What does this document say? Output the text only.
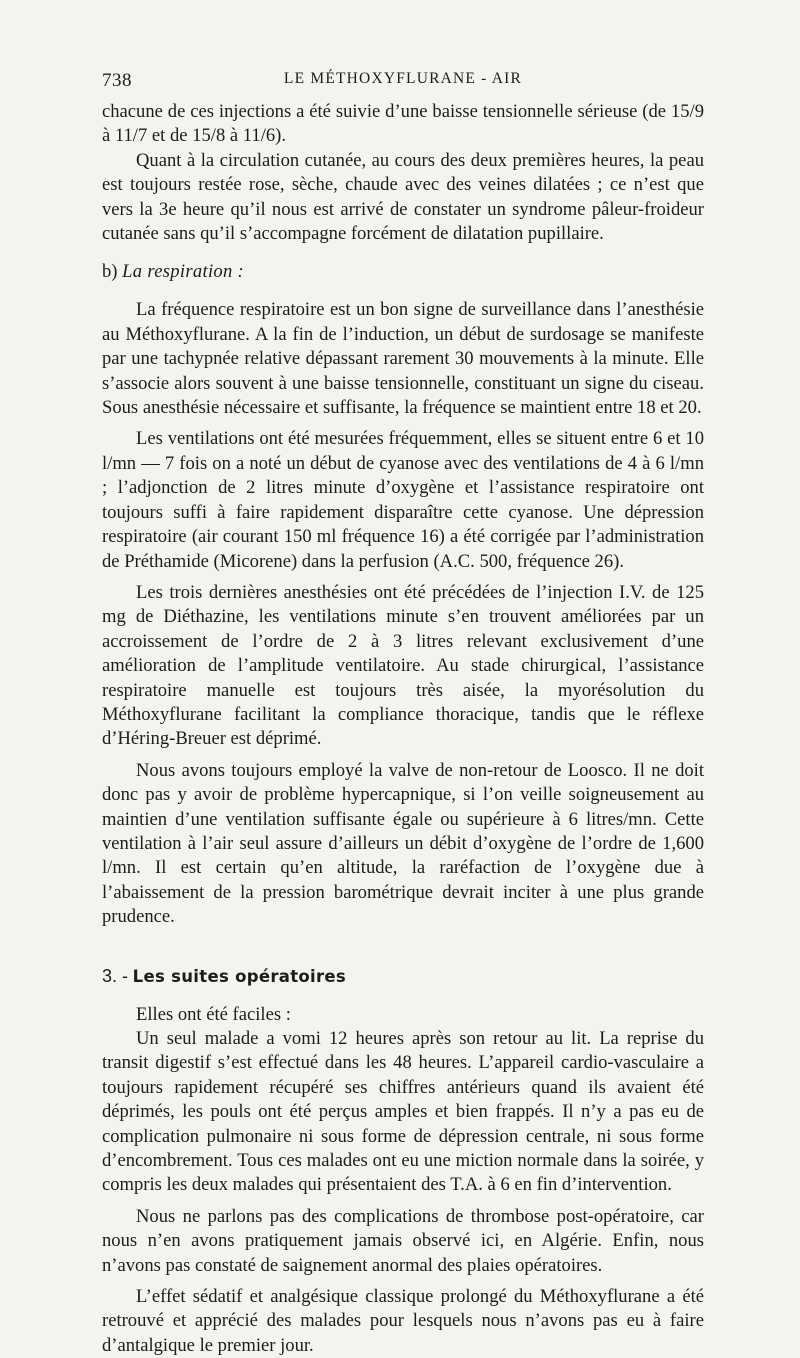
738	LE MÉTHOXYFLURANE - AIR

chacune de ces injections a été suivie d’une baisse tensionnelle sérieuse (de 15/9 à 11/7 et de 15/8 à 11/6).

Quant à la circulation cutanée, au cours des deux premières heures, la peau est toujours restée rose, sèche, chaude avec des veines dilatées ; ce n’est que vers la 3e heure qu’il nous est arrivé de constater un syndrome pâleur-froideur cutanée sans qu’il s’accompagne forcément de dilatation pupillaire.

b) La respiration :

La fréquence respiratoire est un bon signe de surveillance dans l’anesthésie au Méthoxyflurane. A la fin de l’induction, un début de surdosage se manifeste par une tachypnée relative dépassant rarement 30 mouvements à la minute. Elle s’associe alors souvent à une baisse tensionnelle, constituant un signe du ciseau. Sous anesthésie nécessaire et suffisante, la fréquence se maintient entre 18 et 20.

Les ventilations ont été mesurées fréquemment, elles se situent entre 6 et 10 l/mn — 7 fois on a noté un début de cyanose avec des ventilations de 4 à 6 l/mn ; l’adjonction de 2 litres minute d’oxygène et l’assistance respiratoire ont toujours suffi à faire rapidement disparaître cette cyanose. Une dépression respiratoire (air courant 150 ml fréquence 16) a été corrigée par l’administration de Préthamide (Micorene) dans la perfusion (A.C. 500, fréquence 26).

Les trois dernières anesthésies ont été précédées de l’injection I.V. de 125 mg de Diéthazine, les ventilations minute s’en trouvent améliorées par un accroissement de l’ordre de 2 à 3 litres relevant exclusivement d’une amélioration de l’amplitude ventilatoire. Au stade chirurgical, l’assistance respiratoire manuelle est toujours très aisée, la myorésolution du Méthoxyflurane facilitant la compliance thoracique, tandis que le réflexe d’Héring-Breuer est déprimé.

Nous avons toujours employé la valve de non-retour de Loosco. Il ne doit donc pas y avoir de problème hypercapnique, si l’on veille soigneusement au maintien d’une ventilation suffisante égale ou supérieure à 6 litres/mn. Cette ventilation à l’air seul assure d’ailleurs un débit d’oxygène de l’ordre de 1,600 l/mn. Il est certain qu’en altitude, la raréfaction de l’oxygène due à l’abaissement de la pression barométrique devrait inciter à une plus grande prudence.

3. - Les suites opératoires

Elles ont été faciles :

Un seul malade a vomi 12 heures après son retour au lit. La reprise du transit digestif s’est effectué dans les 48 heures. L’appareil cardio-vasculaire a toujours rapidement récupéré ses chiffres antérieurs quand ils avaient été déprimés, les pouls ont été perçus amples et bien frappés. Il n’y a pas eu de complication pulmonaire ni sous forme de dépression centrale, ni sous forme d’encombrement. Tous ces malades ont eu une miction normale dans la soirée, y compris les deux malades qui présentaient des T.A. à 6 en fin d’intervention.

Nous ne parlons pas des complications de thrombose post-opératoire, car nous n’en avons pratiquement jamais observé ici, en Algérie. Enfin, nous n’avons pas constaté de saignement anormal des plaies opératoires.

L’effet sédatif et analgésique classique prolongé du Méthoxyflurane a été retrouvé et apprécié des malades pour lesquels nous n’avons pas eu à faire d’antalgique le premier jour.
